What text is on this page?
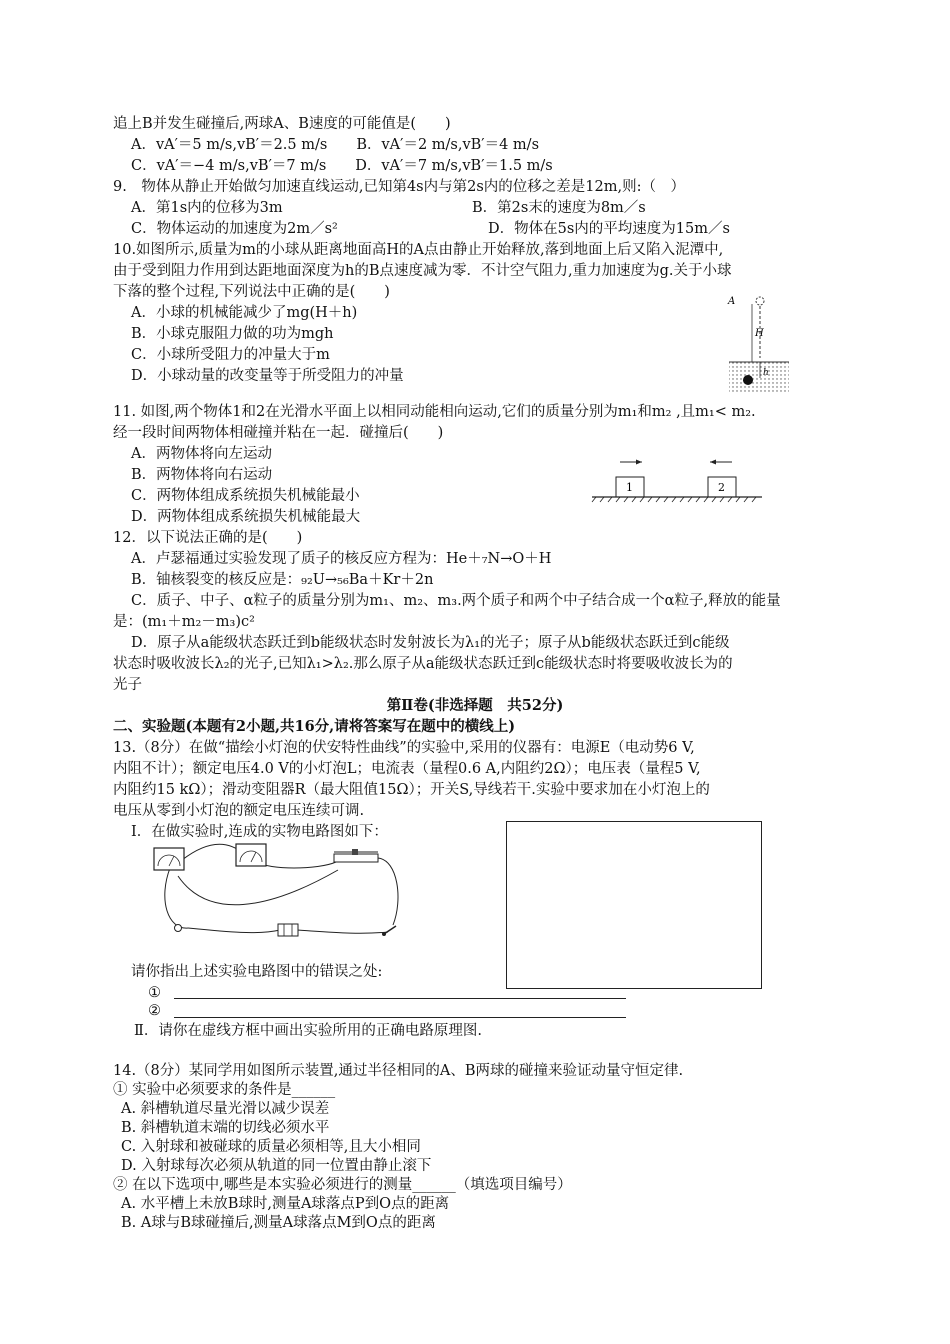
追上B并发生碰撞后,两球A、B速度的可能值是(　　)
A．vA′＝5 m/s,vB′＝2.5 m/s　　B．vA′＝2 m/s,vB′＝4 m/s
C．vA′＝−4 m/s,vB′＝7 m/s　　D．vA′＝7 m/s,vB′＝1.5 m/s
9.　物体从静止开始做匀加速直线运动,已知第4s内与第2s内的位移之差是12m,则:（　）
A．第1s内的位移为3m	B．第2s末的速度为8m／s
C．物体运动的加速度为2m／s²	D．物体在5s内的平均速度为15m／s
10.如图所示,质量为m的小球从距离地面高H的A点由静止开始释放,落到地面上后又陷入泥潭中,
由于受到阻力作用到达距地面深度为h的B点速度减为零．不计空气阻力,重力加速度为g.关于小球
下落的整个过程,下列说法中正确的是(　　)
A．小球的机械能减少了mg(H＋h)
B．小球克服阻力做的功为mgh
C．小球所受阻力的冲量大于m
D．小球动量的改变量等于所受阻力的冲量
A
H
h
11. 如图,两个物体1和2在光滑水平面上以相同动能相向运动,它们的质量分别为m₁和m₂ ,且m₁< m₂.
经一段时间两物体相碰撞并粘在一起．碰撞后(　　)
A．两物体将向左运动
B．两物体将向右运动
C．两物体组成系统损失机械能最小
D．两物体组成系统损失机械能最大
1	2
12．以下说法正确的是(　　)
A．卢瑟福通过实验发现了质子的核反应方程为：He＋₇N→O＋H
B．铀核裂变的核反应是：₉₂U→₅₆Ba＋Kr＋2n
C．质子、中子、α粒子的质量分别为m₁、m₂、m₃.两个质子和两个中子结合成一个α粒子,释放的能量
是：(m₁＋m₂－m₃)c²
D．原子从a能级状态跃迁到b能级状态时发射波长为λ₁的光子；原子从b能级状态跃迁到c能级
状态时吸收波长λ₂的光子,已知λ₁>λ₂.那么原子从a能级状态跃迁到c能级状态时将要吸收波长为的
光子
第Ⅱ卷(非选择题　共52分)
二、实验题(本题有2小题,共16分,请将答案写在题中的横线上)
13.（8分）在做“描绘小灯泡的伏安特性曲线”的实验中,采用的仪器有：电源E（电动势6 V,
内阻不计）；额定电压4.0 V的小灯泡L；电流表（量程0.6 A,内阻约2Ω）；电压表（量程5 V,
内阻约15 kΩ）；滑动变阻器R（最大阻值15Ω）；开关S,导线若干.实验中要求加在小灯泡上的
电压从零到小灯泡的额定电压连续可调.
Ⅰ．在做实验时,连成的实物电路图如下：
请你指出上述实验电路图中的错误之处:
①
②
Ⅱ．请你在虚线方框中画出实验所用的正确电路原理图.
14.（8分）某同学用如图所示装置,通过半径相同的A、B两球的碰撞来验证动量守恒定律.
① 实验中必须要求的条件是______
A. 斜槽轨道尽量光滑以减少误差
B. 斜槽轨道末端的切线必须水平
C. 入射球和被碰球的质量必须相等,且大小相同
D. 入射球每次必须从轨道的同一位置由静止滚下
② 在以下选项中,哪些是本实验必须进行的测量______（填选项目编号）
A. 水平槽上未放B球时,测量A球落点P到O点的距离
B. A球与B球碰撞后,测量A球落点M到O点的距离
